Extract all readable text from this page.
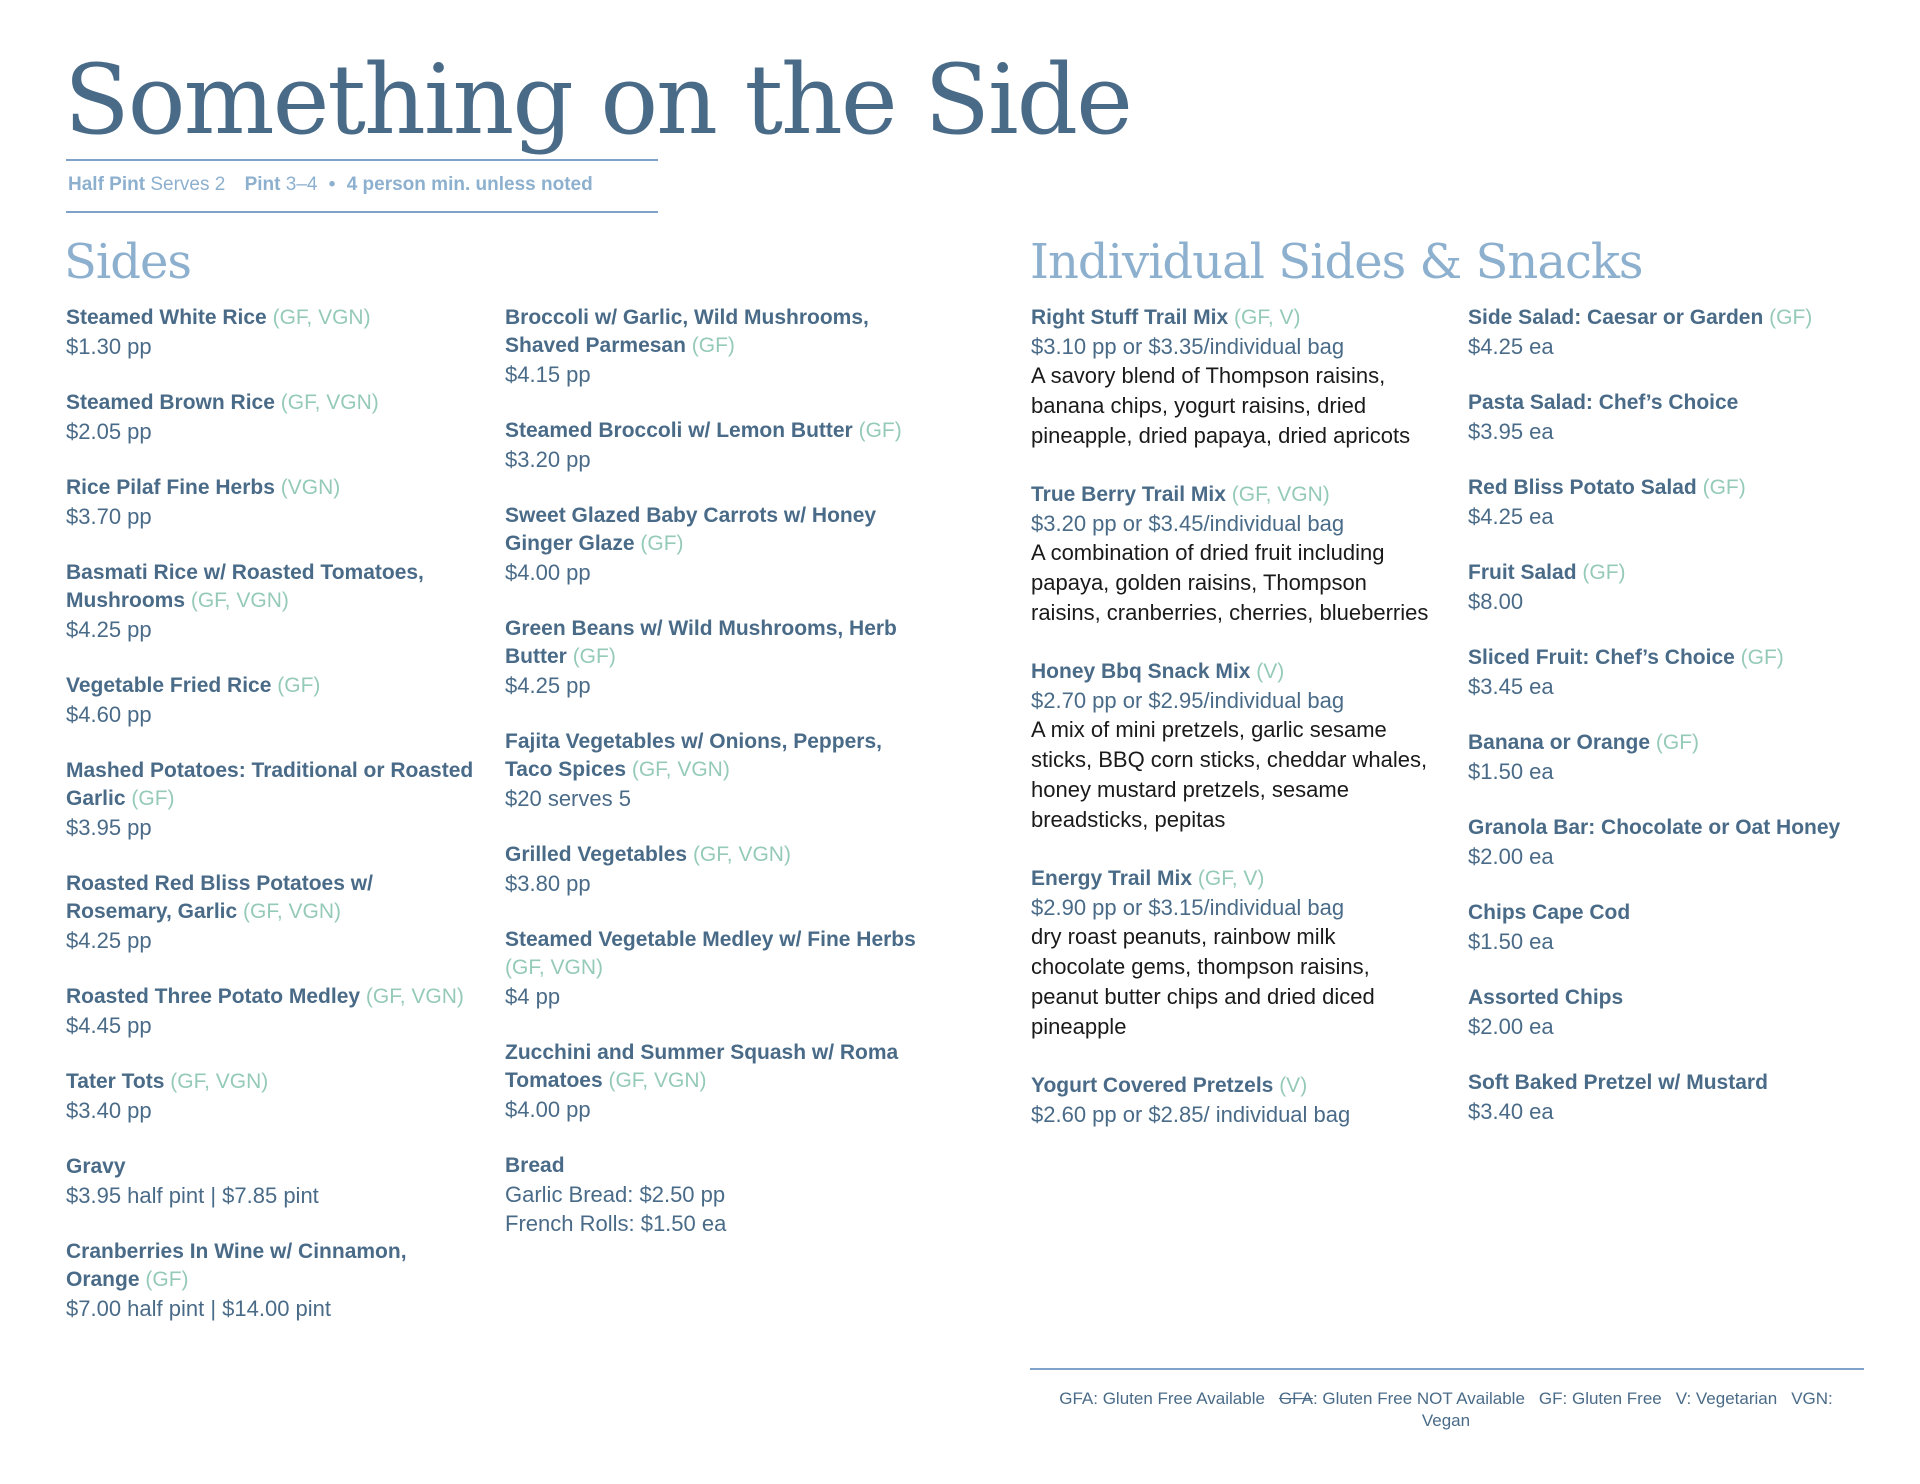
Something on the Side
Half Pint Serves 2 Pint 3–4 • 4 person min. unless noted
Sides	Individual Sides & Snacks
Steamed White Rice (GF, VGN)
$1.30 pp
Steamed Brown Rice (GF, VGN)
$2.05 pp
Rice Pilaf Fine Herbs (VGN)
$3.70 pp
Basmati Rice w/ Roasted Tomatoes, Mushrooms (GF, VGN)
$4.25 pp
Vegetable Fried Rice (GF)
$4.60 pp
Mashed Potatoes: Traditional or Roasted Garlic (GF)
$3.95 pp
Roasted Red Bliss Potatoes w/ Rosemary, Garlic (GF, VGN)
$4.25 pp
Roasted Three Potato Medley (GF, VGN)
$4.45 pp
Tater Tots (GF, VGN)
$3.40 pp
Gravy
$3.95 half pint | $7.85 pint
Cranberries In Wine w/ Cinnamon, Orange (GF)
$7.00 half pint | $14.00 pint
Broccoli w/ Garlic, Wild Mushrooms, Shaved Parmesan (GF)
$4.15 pp
Steamed Broccoli w/ Lemon Butter (GF)
$3.20 pp
Sweet Glazed Baby Carrots w/ Honey Ginger Glaze (GF)
$4.00 pp
Green Beans w/ Wild Mushrooms, Herb Butter (GF)
$4.25 pp
Fajita Vegetables w/ Onions, Peppers, Taco Spices (GF, VGN)
$20 serves 5
Grilled Vegetables (GF, VGN)
$3.80 pp
Steamed Vegetable Medley w/ Fine Herbs (GF, VGN)
$4 pp
Zucchini and Summer Squash w/ Roma Tomatoes (GF, VGN)
$4.00 pp
Bread
Garlic Bread: $2.50 pp
French Rolls: $1.50 ea
Right Stuff Trail Mix (GF, V)
$3.10 pp or $3.35/individual bag
A savory blend of Thompson raisins, banana chips, yogurt raisins, dried pineapple, dried papaya, dried apricots
True Berry Trail Mix (GF, VGN)
$3.20 pp or $3.45/individual bag
A combination of dried fruit including papaya, golden raisins, Thompson raisins, cranberries, cherries, blueberries
Honey Bbq Snack Mix (V)
$2.70 pp or $2.95/individual bag
A mix of mini pretzels, garlic sesame sticks, BBQ corn sticks, cheddar whales, honey mustard pretzels, sesame breadsticks, pepitas
Energy Trail Mix (GF, V)
$2.90 pp or $3.15/individual bag
dry roast peanuts, rainbow milk chocolate gems, thompson raisins, peanut butter chips and dried diced pineapple
Yogurt Covered Pretzels (V)
$2.60 pp or $2.85/ individual bag
Side Salad: Caesar or Garden (GF)
$4.25 ea
Pasta Salad: Chef’s Choice
$3.95 ea
Red Bliss Potato Salad (GF)
$4.25 ea
Fruit Salad (GF)
$8.00
Sliced Fruit: Chef’s Choice (GF)
$3.45 ea
Banana or Orange (GF)
$1.50 ea
Granola Bar: Chocolate or Oat Honey
$2.00 ea
Chips Cape Cod
$1.50 ea
Assorted Chips
$2.00 ea
Soft Baked Pretzel w/ Mustard
$3.40 ea
GFA: Gluten Free Available GFA: Gluten Free NOT Available GF: Gluten Free V: Vegetarian VGN: Vegan
